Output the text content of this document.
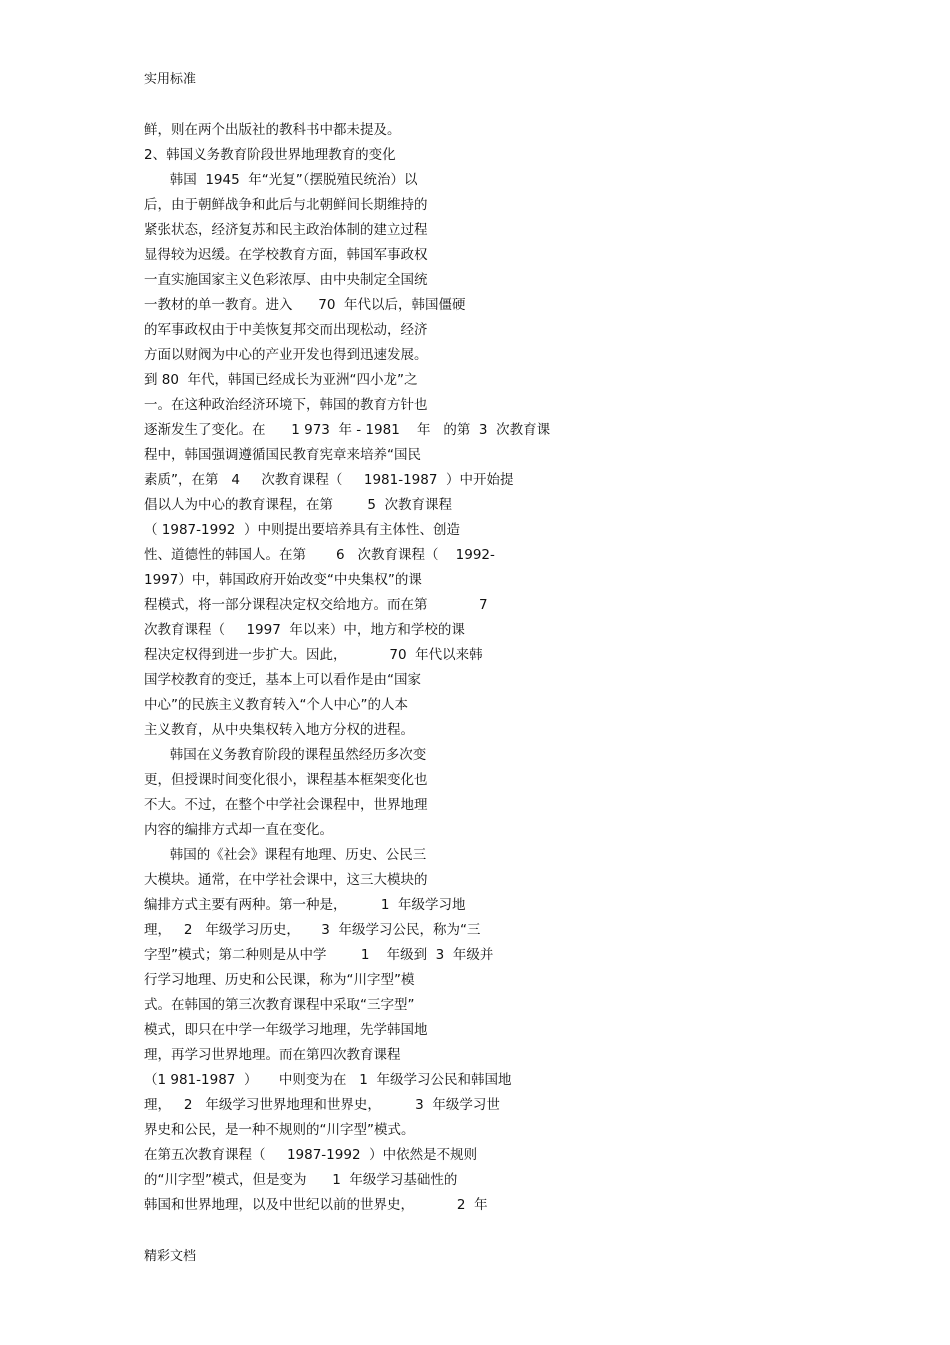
实用标准
鲜，则在两个出版社的教科书中都未提及。
2、韩国义务教育阶段世界地理教育的变化
韩国  1945  年“光复”（摆脱殖民统治）以
后，由于朝鲜战争和此后与北朝鲜间长期维持的
紧张状态，经济复苏和民主政治体制的建立过程
显得较为迟缓。在学校教育方面，韩国军事政权
一直实施国家主义色彩浓厚、由中央制定全国统
一教材的单一教育。进入      70  年代以后，韩国僵硬
的军事政权由于中美恢复邦交而出现松动，经济
方面以财阀为中心的产业开发也得到迅速发展。
到 80  年代，韩国已经成长为亚洲“四小龙”之
一。在这种政治经济环境下，韩国的教育方针也
逐渐发生了变化。在      1 973  年 - 1981    年   的第  3  次教育课
程中，韩国强调遵循国民教育宪章来培养“国民
素质”，在第   4     次教育课程（     1981-1987  ）中开始提
倡以人为中心的教育课程，在第        5  次教育课程
（ 1987-1992  ）中则提出要培养具有主体性、创造
性、道德性的韩国人。在第       6   次教育课程（    1992-
1997）中，韩国政府开始改变“中央集权”的课
程模式，将一部分课程决定权交给地方。而在第            7
次教育课程（     1997  年以来）中，地方和学校的课
程决定权得到进一步扩大。因此，          70  年代以来韩
国学校教育的变迁，基本上可以看作是由“国家
中心”的民族主义教育转入“个人中心”的人本
主义教育，从中央集权转入地方分权的进程。
韩国在义务教育阶段的课程虽然经历多次变
更，但授课时间变化很小，课程基本框架变化也
不大。不过，在整个中学社会课程中，世界地理
内容的编排方式却一直在变化。
韩国的《社会》课程有地理、历史、公民三
大模块。通常，在中学社会课中，这三大模块的
编排方式主要有两种。第一种是，        1  年级学习地
理，   2   年级学习历史，     3  年级学习公民，称为“三
字型”模式；第二种则是从中学        1    年级到  3  年级并
行学习地理、历史和公民课，称为“川字型”模
式。在韩国的第三次教育课程中采取“三字型”
模式，即只在中学一年级学习地理，先学韩国地
理，再学习世界地理。而在第四次教育课程
（1 981-1987  ）     中则变为在   1  年级学习公民和韩国地
理，   2   年级学习世界地理和世界史，        3  年级学习世
界史和公民，是一种不规则的“川字型”模式。
在第五次教育课程（     1987-1992  ）中依然是不规则
的“川字型”模式，但是变为      1  年级学习基础性的
韩国和世界地理，以及中世纪以前的世界史，          2  年
精彩文档
